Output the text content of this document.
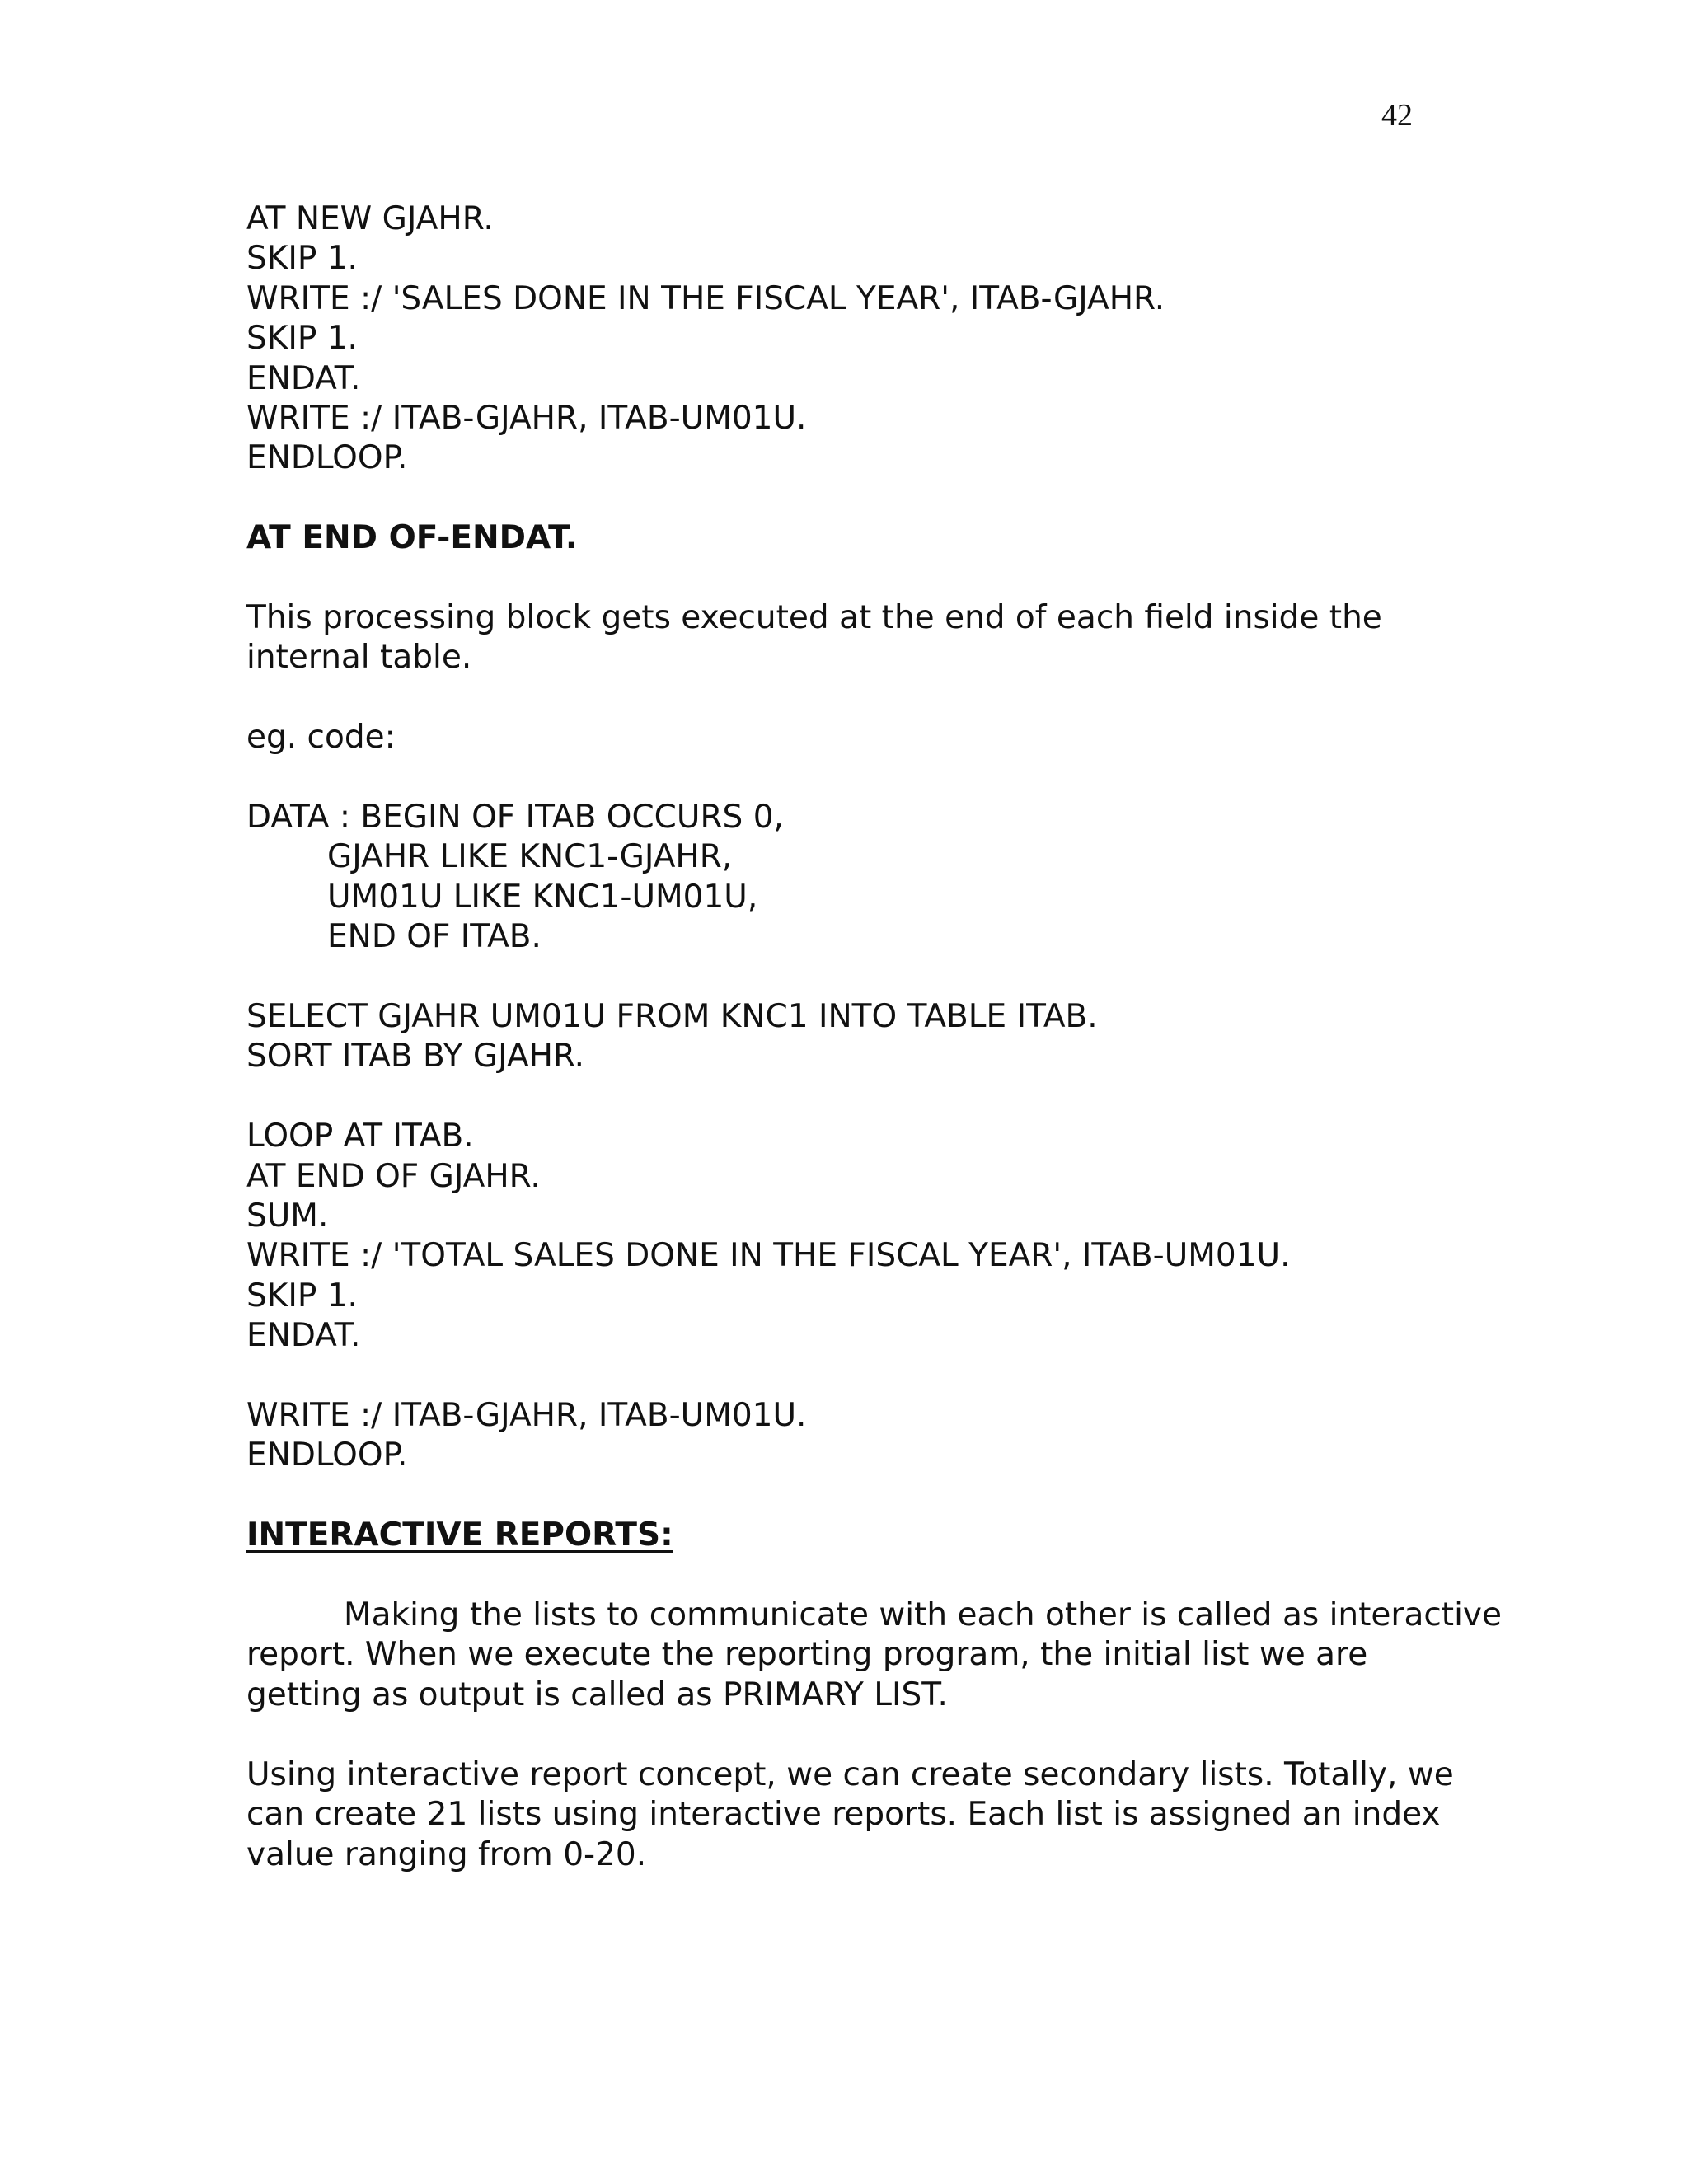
42
AT NEW GJAHR.
SKIP 1.
WRITE :/ 'SALES DONE IN THE FISCAL YEAR', ITAB-GJAHR.
SKIP 1.
ENDAT.
WRITE :/ ITAB-GJAHR, ITAB-UM01U.
ENDLOOP.
AT END OF-ENDAT.
This processing block gets executed at the end of each field inside the
internal table.
eg. code:
DATA : BEGIN OF ITAB OCCURS 0,
GJAHR LIKE KNC1-GJAHR,
UM01U LIKE KNC1-UM01U,
END OF ITAB.
SELECT GJAHR UM01U FROM KNC1 INTO TABLE ITAB.
SORT ITAB BY GJAHR.
LOOP AT ITAB.
AT END OF GJAHR.
SUM.
WRITE :/ 'TOTAL SALES DONE IN THE FISCAL YEAR', ITAB-UM01U.
SKIP 1.
ENDAT.
WRITE :/ ITAB-GJAHR, ITAB-UM01U.
ENDLOOP.
INTERACTIVE REPORTS:
Making the lists to communicate with each other is called as interactive
report. When we execute the reporting program, the initial list we are
getting as output is called as PRIMARY LIST.
Using interactive report concept, we can create secondary lists. Totally, we
can create 21 lists using interactive reports. Each list is assigned an index
value ranging from 0-20.
